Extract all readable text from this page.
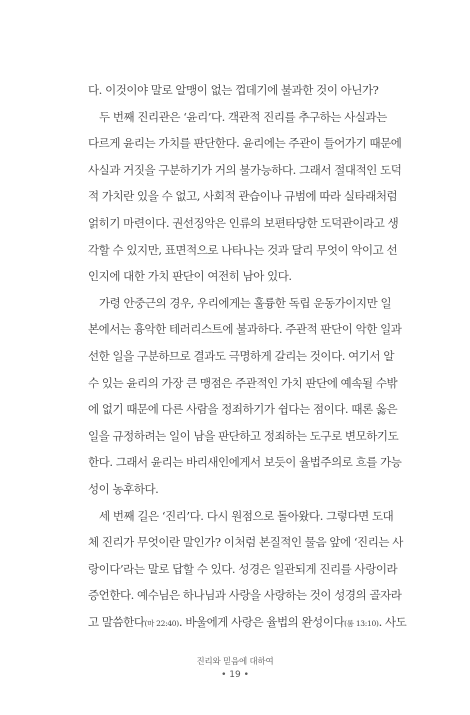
다. 이것이야 말로 알맹이 없는 껍데기에 불과한 것이 아닌가?
두 번째 진리관은 ‘윤리’다. 객관적 진리를 추구하는 사실과는
다르게 윤리는 가치를 판단한다. 윤리에는 주관이 들어가기 때문에
사실과 거짓을 구분하기가 거의 불가능하다. 그래서 절대적인 도덕
적 가치란 있을 수 없고, 사회적 관습이나 규범에 따라 실타래처럼
얽히기 마련이다. 권선징악은 인류의 보편타당한 도덕관이라고 생
각할 수 있지만, 표면적으로 나타나는 것과 달리 무엇이 악이고 선
인지에 대한 가치 판단이 여전히 남아 있다.
가령 안중근의 경우, 우리에게는 훌륭한 독립 운동가이지만 일
본에서는 흉악한 테러리스트에 불과하다. 주관적 판단이 악한 일과
선한 일을 구분하므로 결과도 극명하게 갈리는 것이다. 여기서 알
수 있는 윤리의 가장 큰 맹점은 주관적인 가치 판단에 예속될 수밖
에 없기 때문에 다른 사람을 정죄하기가 쉽다는 점이다. 때론 옳은
일을 규정하려는 일이 남을 판단하고 정죄하는 도구로 변모하기도
한다. 그래서 윤리는 바리새인에게서 보듯이 율법주의로 흐를 가능
성이 농후하다.
세 번째 길은 ‘진리’다. 다시 원점으로 돌아왔다. 그렇다면 도대
체 진리가 무엇이란 말인가? 이처럼 본질적인 물음 앞에 ‘진리는 사
랑이다’라는 말로 답할 수 있다. 성경은 일관되게 진리를 사랑이라
증언한다. 예수님은 하나님과 사랑을 사랑하는 것이 성경의 골자라
고 말씀한다(마 22:40). 바울에게 사랑은 율법의 완성이다(롬 13:10). 사도
진리와 믿음에 대하여
• 19 •
